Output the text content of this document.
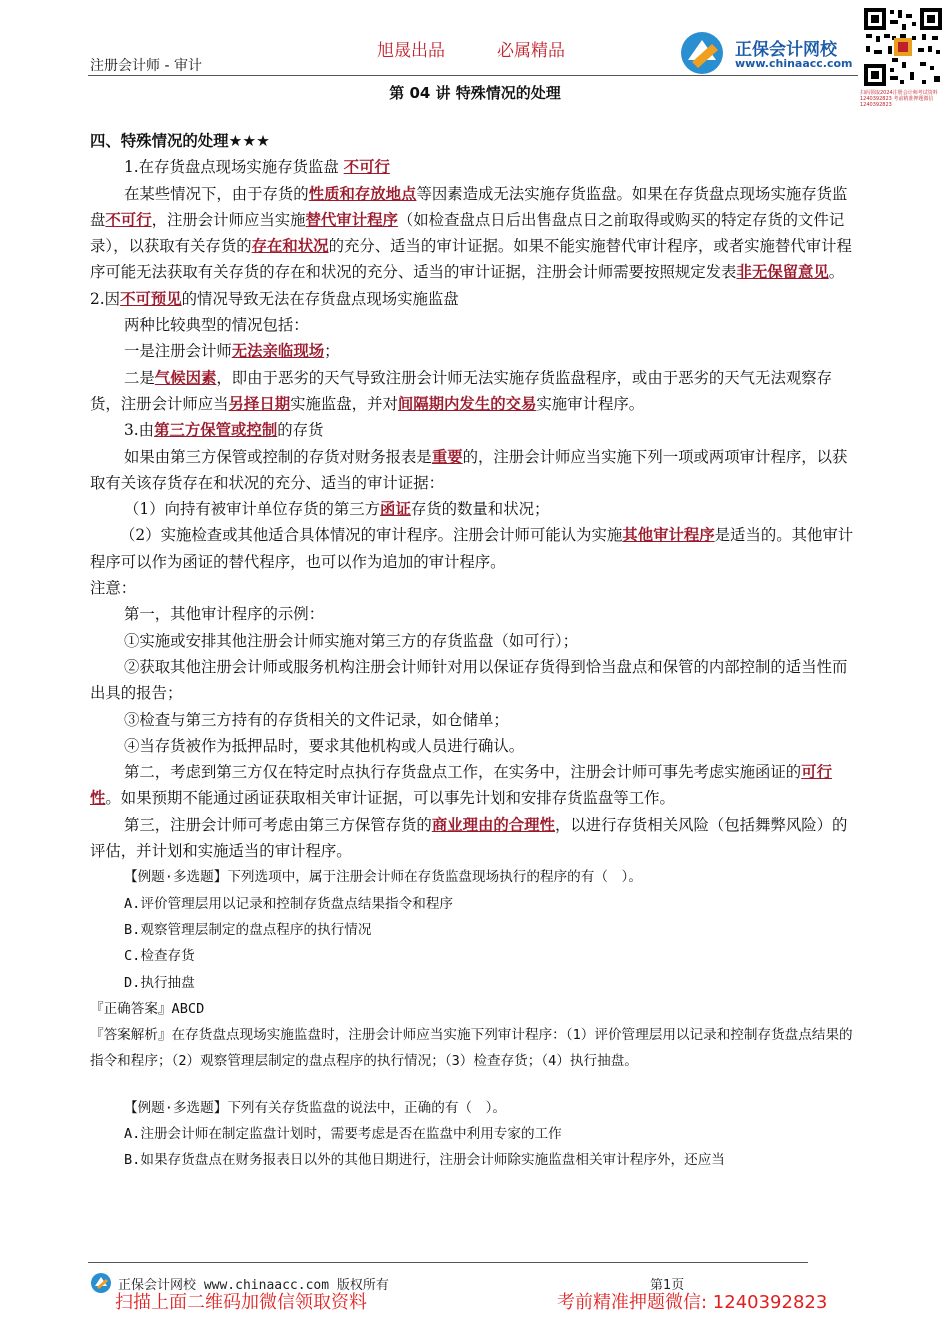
注册会计师 - 审计
旭晟出品	必属精品	正保会计网校
www.chinaacc.com
扫码领取2024注册会计师考试资料 1240392823 考前精准押题微信 1240392823
第 04 讲 特殊情况的处理

四、特殊情况的处理★★★

1.在存货盘点现场实施存货监盘 不可行

在某些情况下，由于存货的性质和存放地点等因素造成无法实施存货监盘。如果在存货盘点现场实施存货监盘不可行，注册会计师应当实施替代审计程序（如检查盘点日后出售盘点日之前取得或购买的特定存货的文件记录），以获取有关存货的存在和状况的充分、适当的审计证据。如果不能实施替代审计程序，或者实施替代审计程序可能无法获取有关存货的存在和状况的充分、适当的审计证据，注册会计师需要按照规定发表非无保留意见。

2.因不可预见的情况导致无法在存货盘点现场实施监盘

两种比较典型的情况包括：

一是注册会计师无法亲临现场；

二是气候因素，即由于恶劣的天气导致注册会计师无法实施存货监盘程序，或由于恶劣的天气无法观察存货，注册会计师应当另择日期实施监盘，并对间隔期内发生的交易实施审计程序。

3.由第三方保管或控制的存货

如果由第三方保管或控制的存货对财务报表是重要的，注册会计师应当实施下列一项或两项审计程序，以获取有关该存货存在和状况的充分、适当的审计证据：

（1）向持有被审计单位存货的第三方函证存货的数量和状况；

（2）实施检查或其他适合具体情况的审计程序。注册会计师可能认为实施其他审计程序是适当的。其他审计程序可以作为函证的替代程序，也可以作为追加的审计程序。

注意：

第一，其他审计程序的示例：

①实施或安排其他注册会计师实施对第三方的存货监盘（如可行）；

②获取其他注册会计师或服务机构注册会计师针对用以保证存货得到恰当盘点和保管的内部控制的适当性而出具的报告；

③检查与第三方持有的存货相关的文件记录，如仓储单；

④当存货被作为抵押品时，要求其他机构或人员进行确认。

第二，考虑到第三方仅在特定时点执行存货盘点工作，在实务中，注册会计师可事先考虑实施函证的可行性。如果预期不能通过函证获取相关审计证据，可以事先计划和安排存货监盘等工作。

第三，注册会计师可考虑由第三方保管存货的商业理由的合理性，以进行存货相关风险（包括舞弊风险）的评估，并计划和实施适当的审计程序。

【例题·多选题】下列选项中，属于注册会计师在存货监盘现场执行的程序的有（　）。

A.评价管理层用以记录和控制存货盘点结果指令和程序

B.观察管理层制定的盘点程序的执行情况

C.检查存货

D.执行抽盘

『正确答案』ABCD

『答案解析』在存货盘点现场实施监盘时，注册会计师应当实施下列审计程序：（1）评价管理层用以记录和控制存货盘点结果的指令和程序；（2）观察管理层制定的盘点程序的执行情况；（3）检查存货；（4）执行抽盘。

【例题·多选题】下列有关存货监盘的说法中，正确的有（　）。

A.注册会计师在制定监盘计划时，需要考虑是否在监盘中利用专家的工作

B.如果存货盘点在财务报表日以外的其他日期进行，注册会计师除实施监盘相关审计程序外，还应当

正保会计网校 www.chinaacc.com 版权所有	第1页
扫描上面二维码加微信领取资料	考前精准押题微信: 1240392823
